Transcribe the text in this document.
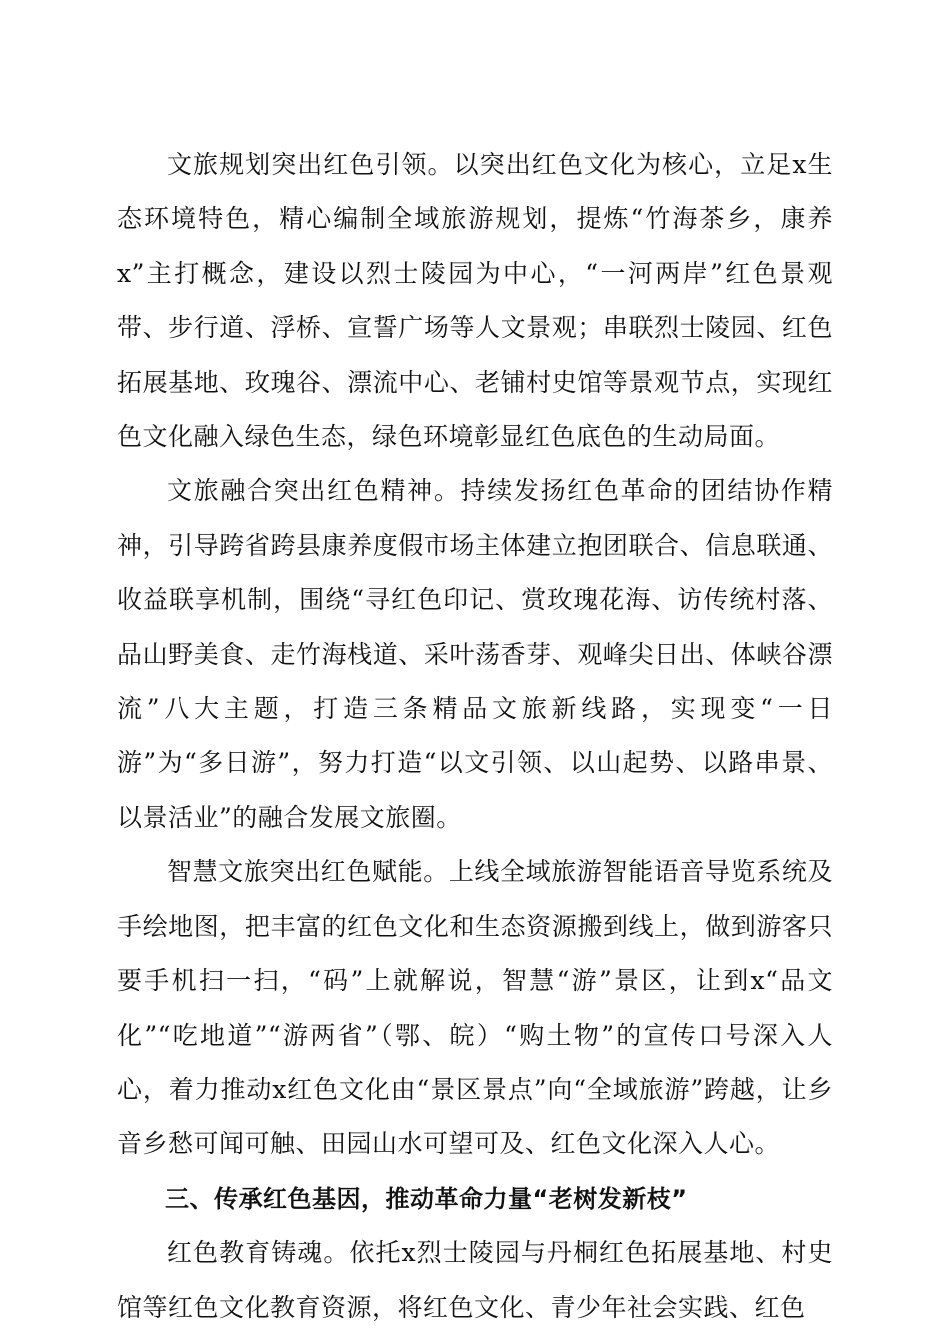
文旅规划突出红色引领。以突出红色文化为核心，立足x生态环境特色，精心编制全域旅游规划，提炼“竹海茶乡，康养x”主打概念，建设以烈士陵园为中心，“一河两岸”红色景观带、步行道、浮桥、宣誓广场等人文景观；串联烈士陵园、红色拓展基地、玫瑰谷、漂流中心、老铺村史馆等景观节点，实现红色文化融入绿色生态，绿色环境彰显红色底色的生动局面。

文旅融合突出红色精神。持续发扬红色革命的团结协作精神，引导跨省跨县康养度假市场主体建立抱团联合、信息联通、收益联享机制，围绕“寻红色印记、赏玫瑰花海、访传统村落、品山野美食、走竹海栈道、采叶荡香芽、观峰尖日出、体峡谷漂流”八大主题，打造三条精品文旅新线路，实现变“一日游”为“多日游”，努力打造“以文引领、以山起势、以路串景、以景活业”的融合发展文旅圈。

智慧文旅突出红色赋能。上线全域旅游智能语音导览系统及手绘地图，把丰富的红色文化和生态资源搬到线上，做到游客只要手机扫一扫，“码”上就解说，智慧“游”景区，让到x“品文化”“吃地道”“游两省”（鄂、皖）“购土物”的宣传口号深入人心，着力推动x红色文化由“景区景点”向“全域旅游”跨越，让乡音乡愁可闻可触、田园山水可望可及、红色文化深入人心。

三、传承红色基因，推动革命力量“老树发新枝”

红色教育铸魂。依托x烈士陵园与丹桐红色拓展基地、村史馆等红色文化教育资源，将红色文化、青少年社会实践、红色
